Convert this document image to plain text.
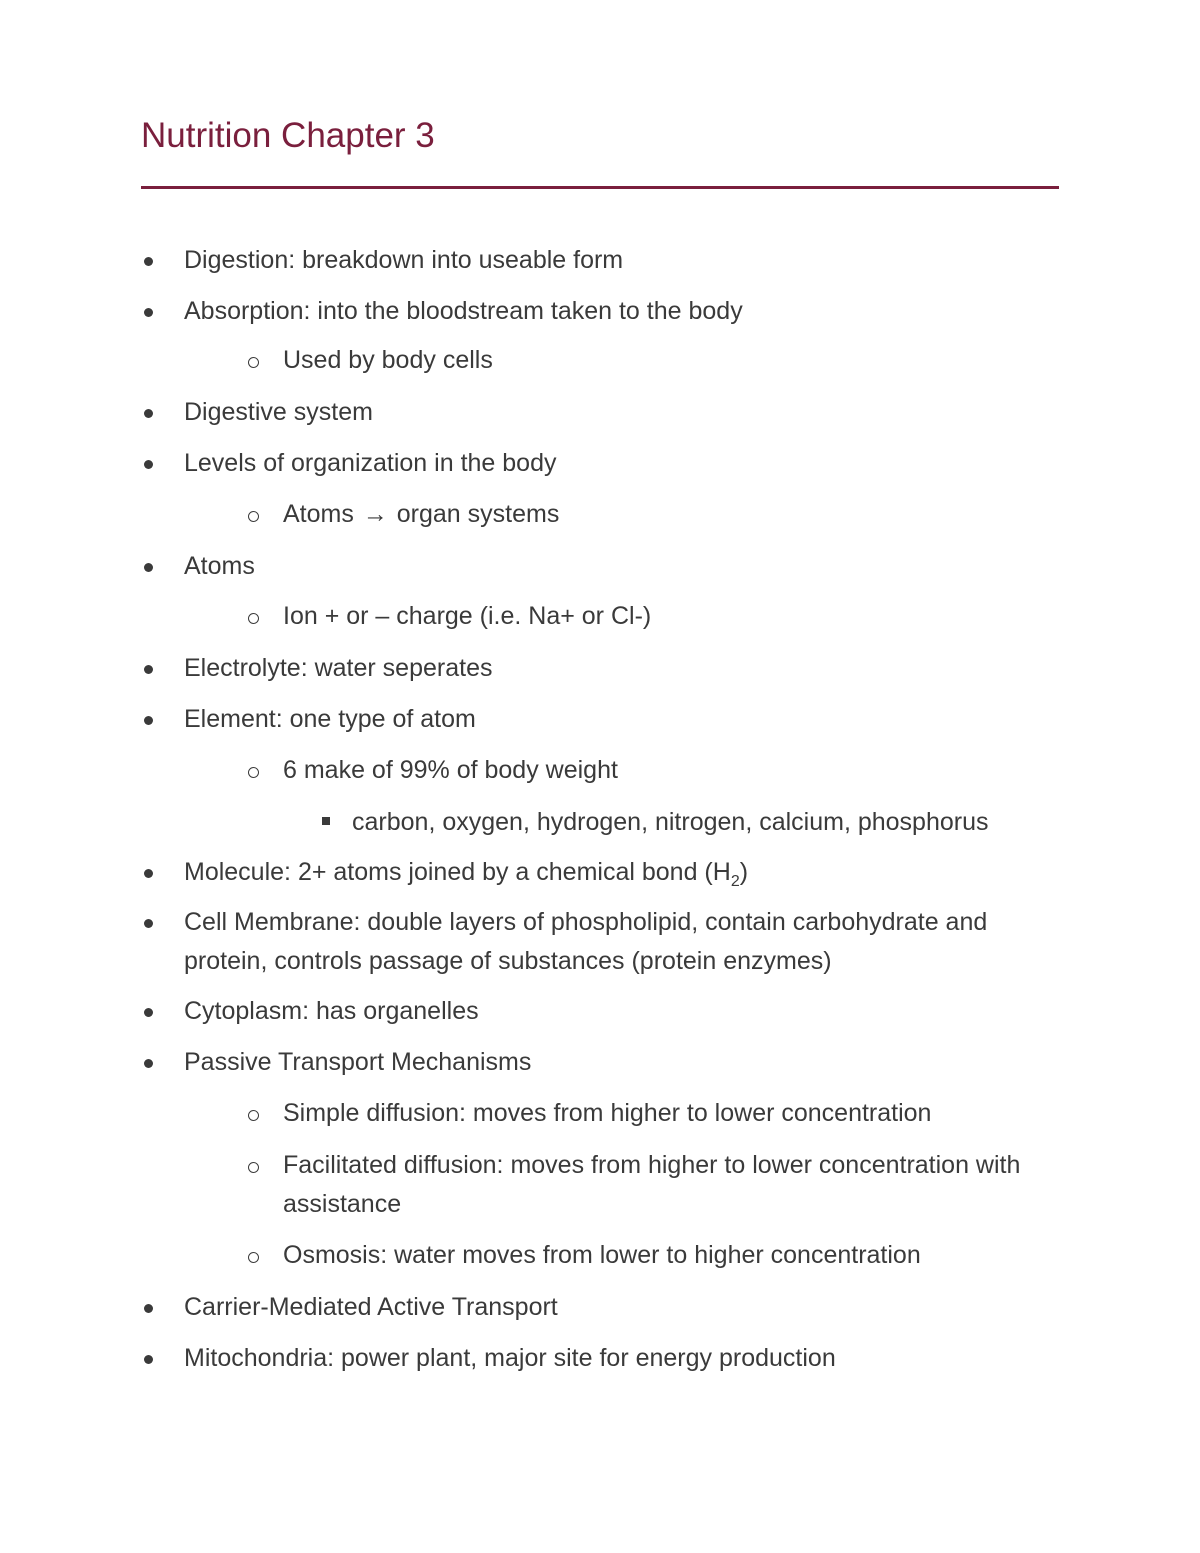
Nutrition Chapter 3
Digestion: breakdown into useable form
Absorption: into the bloodstream taken to the body
Used by body cells
Digestive system
Levels of organization in the body
Atoms → organ systems
Atoms
Ion + or – charge (i.e. Na+ or Cl-)
Electrolyte: water seperates
Element: one type of atom
6 make of 99% of body weight
carbon, oxygen, hydrogen, nitrogen, calcium, phosphorus
Molecule: 2+ atoms joined by a chemical bond $(H_2)$
Cell Membrane: double layers of phospholipid, contain carbohydrate and protein, controls passage of substances (protein enzymes)
Cytoplasm: has organelles
Passive Transport Mechanisms
Simple diffusion: moves from higher to lower concentration
Facilitated diffusion: moves from higher to lower concentration with assistance
Osmosis: water moves from lower to higher concentration
Carrier-Mediated Active Transport
Mitochondria: power plant, major site for energy production
